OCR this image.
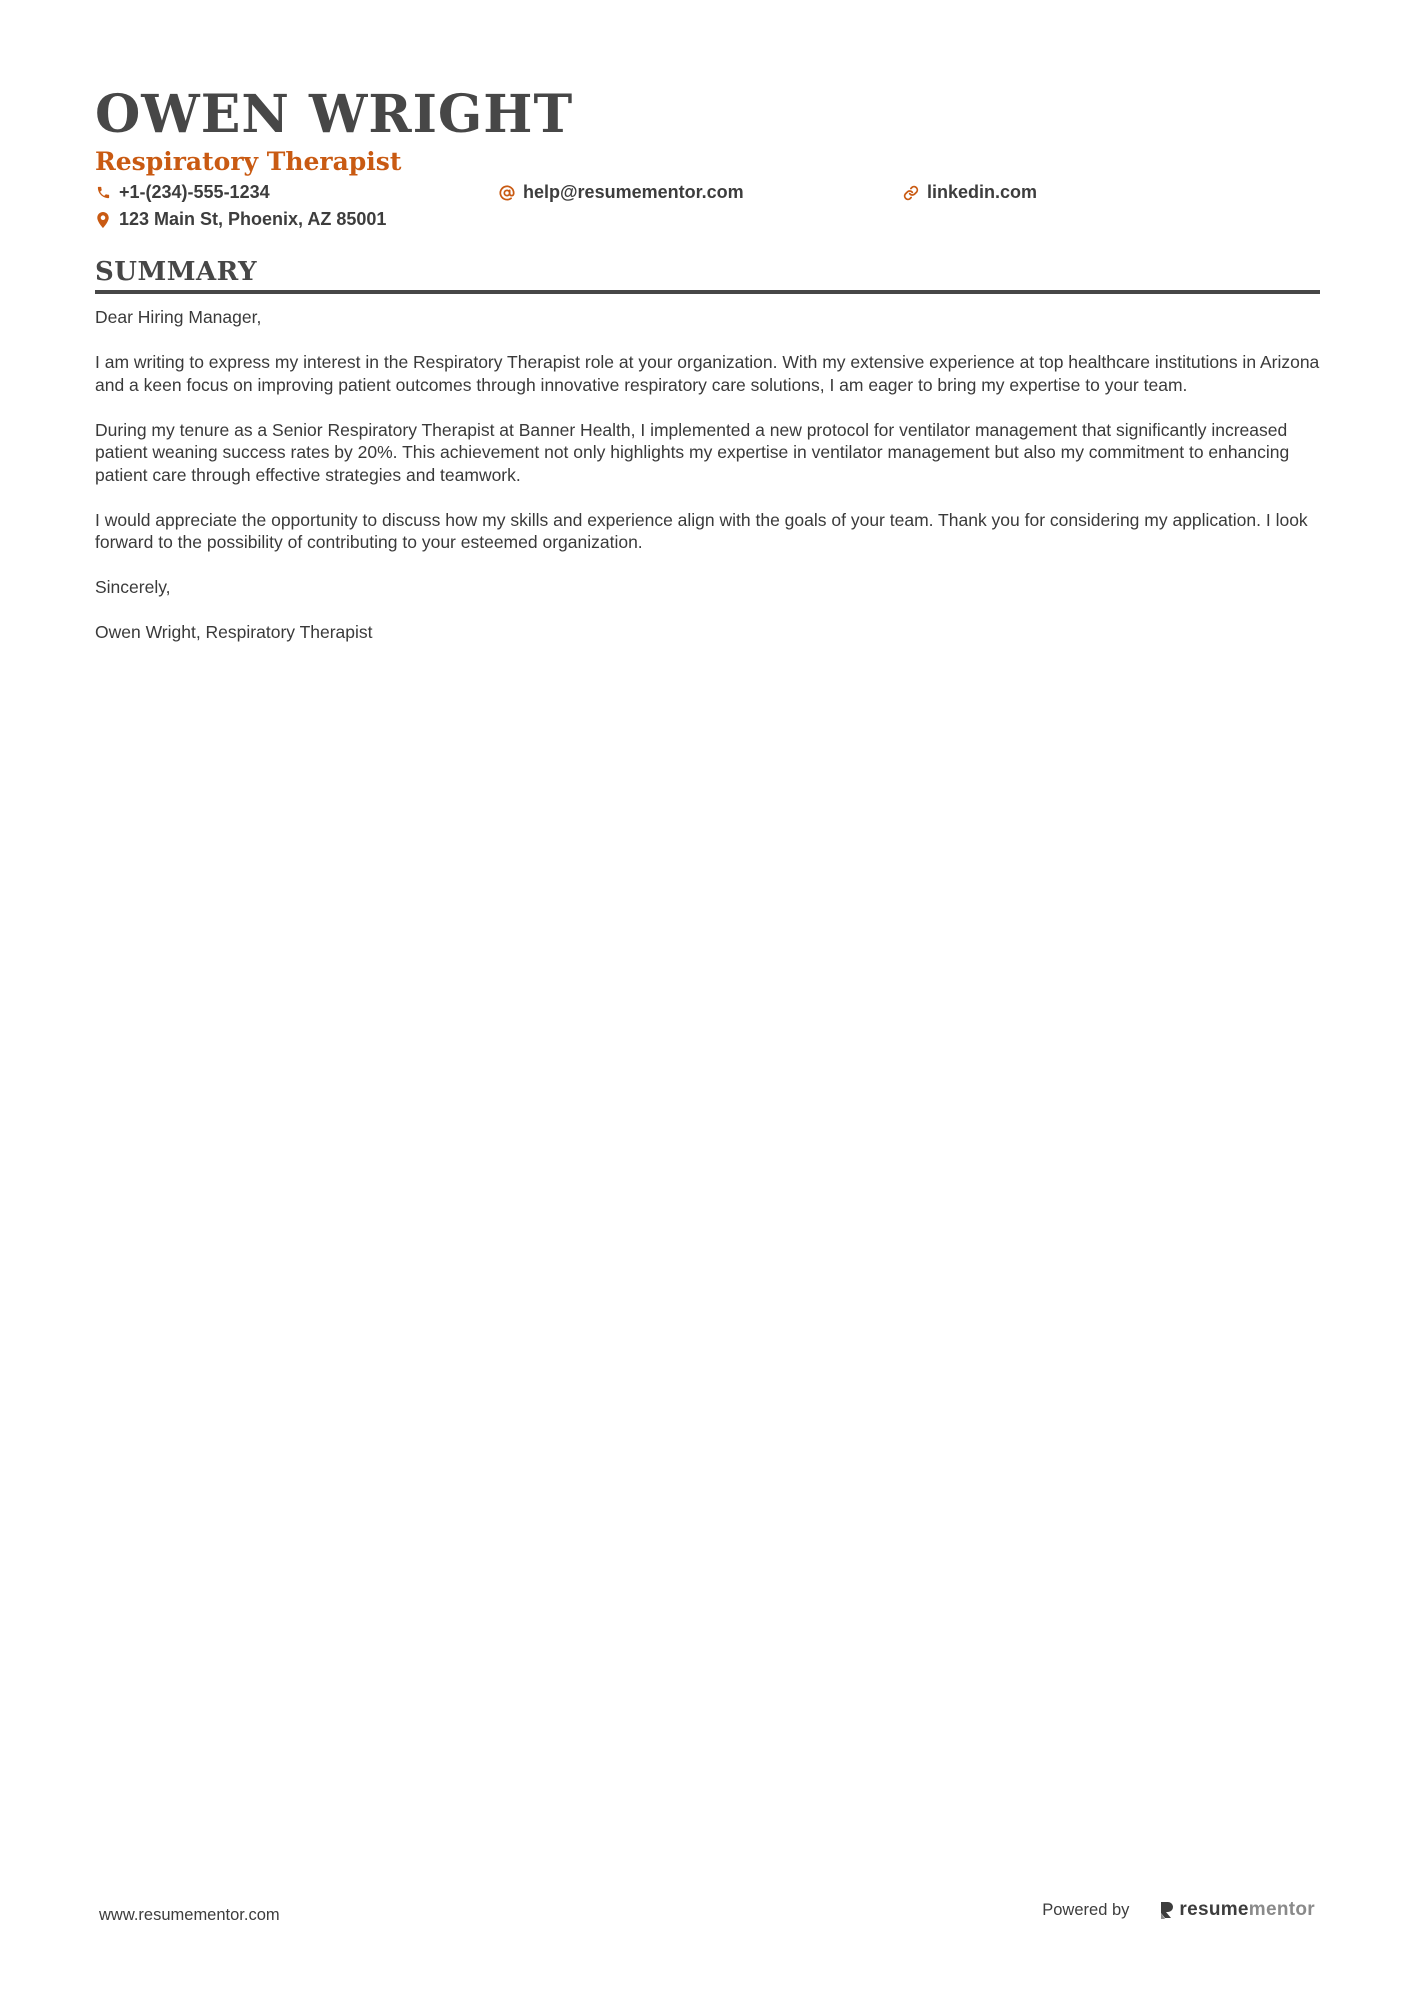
OWEN WRIGHT
Respiratory Therapist
+1-(234)-555-1234	help@resumementor.com	linkedin.com
123 Main St, Phoenix, AZ 85001
SUMMARY

Dear Hiring Manager,

I am writing to express my interest in the Respiratory Therapist role at your organization. With my extensive experience at top healthcare institutions in Arizona and a keen focus on improving patient outcomes through innovative respiratory care solutions, I am eager to bring my expertise to your team.

During my tenure as a Senior Respiratory Therapist at Banner Health, I implemented a new protocol for ventilator management that significantly increased patient weaning success rates by 20%. This achievement not only highlights my expertise in ventilator management but also my commitment to enhancing patient care through effective strategies and teamwork.

I would appreciate the opportunity to discuss how my skills and experience align with the goals of your team. Thank you for considering my application. I look forward to the possibility of contributing to your esteemed organization.

Sincerely,

Owen Wright, Respiratory Therapist

www.resumementor.com	Powered by	resumementor
